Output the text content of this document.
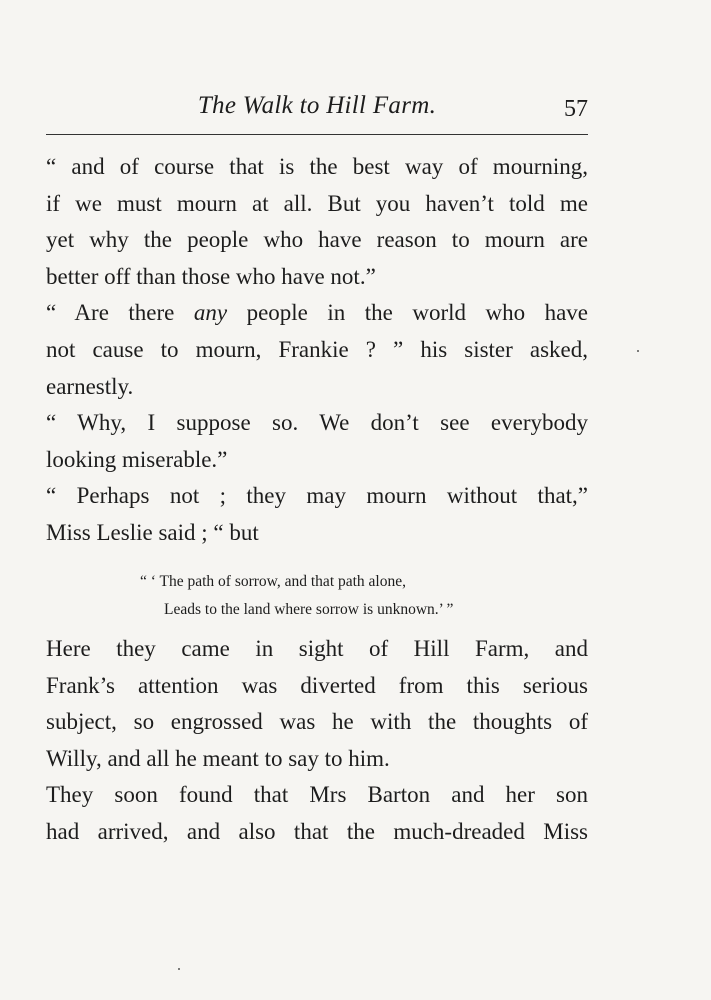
The Walk to Hill Farm.	57
“ and of course that is the best way of mourning,
if we must mourn at all. But you haven’t told me
yet why the people who have reason to mourn are
better off than those who have not.”
“ Are there any people in the world who have
not cause to mourn, Frankie ? ” his sister asked,
earnestly.
“ Why, I suppose so. We don’t see everybody
looking miserable.”
“ Perhaps not ; they may mourn without that,”
Miss Leslie said ; “ but
“ ‘ The path of sorrow, and that path alone,
Leads to the land where sorrow is unknown.’ ”
Here they came in sight of Hill Farm, and
Frank’s attention was diverted from this serious
subject, so engrossed was he with the thoughts of
Willy, and all he meant to say to him.
They soon found that Mrs Barton and her son
had arrived, and also that the much-dreaded Miss
